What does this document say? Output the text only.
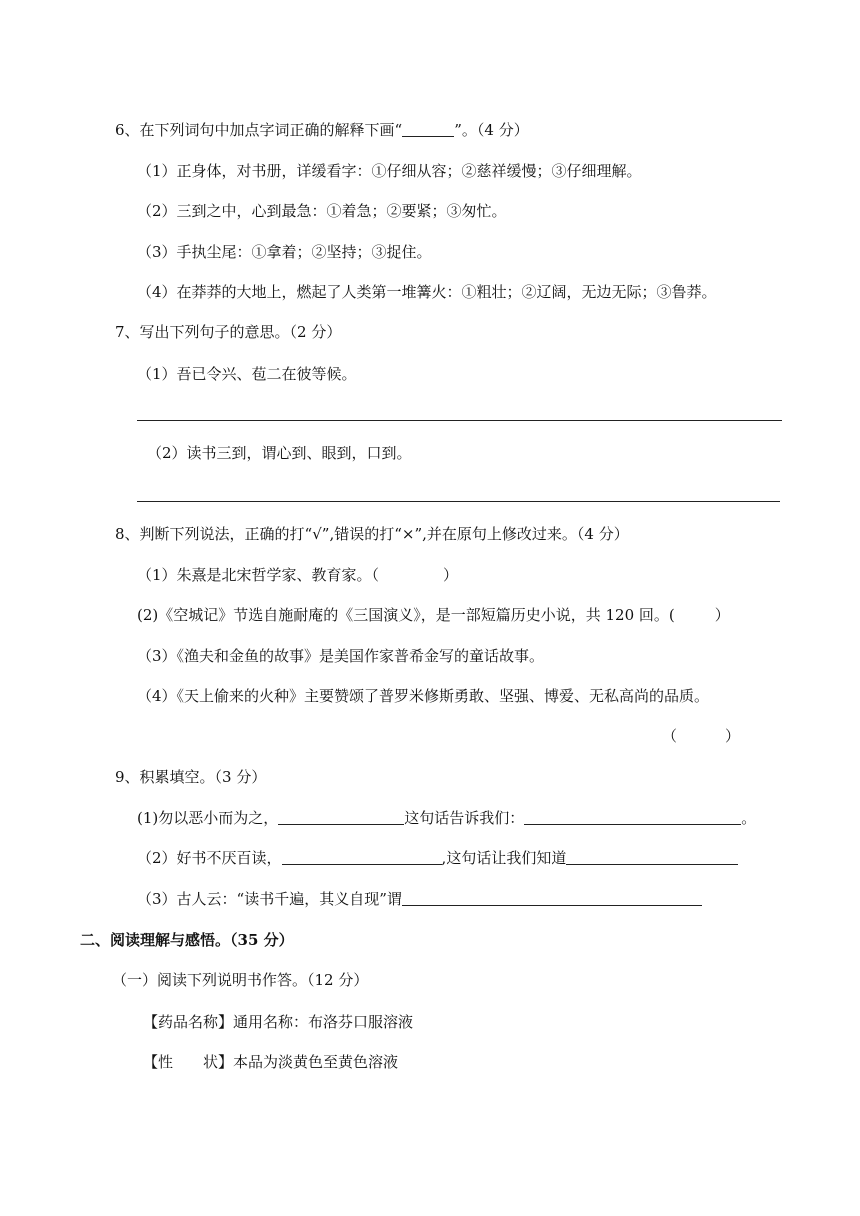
6、在下列词句中加点字词正确的解释下画“	”。（4 分）
（1）正身体，对书册，详缓看字：①仔细从容；②慈祥缓慢；③仔细理解。
（2）三到之中，心到最急：①着急；②要紧；③匆忙。
（3）手执尘尾：①拿着；②坚持；③捉住。
（4）在莽莽的大地上，燃起了人类第一堆篝火：①粗壮；②辽阔，无边无际；③鲁莽。
7、写出下列句子的意思。（2 分）
（1）吾已令兴、苞二在彼等候。
（2）读书三到，谓心到、眼到，口到。
8、判断下列说法，正确的打“√”,错误的打“×”,并在原句上修改过来。（4 分）
（1）朱熹是北宋哲学家、教育家。（	）
(2)《空城记》节选自施耐庵的《三国演义》，是一部短篇历史小说，共 120 回。(	）
（3）《渔夫和金鱼的故事》是美国作家普希金写的童话故事。
（4）《天上偷来的火种》主要赞颂了普罗米修斯勇敢、坚强、博爱、无私高尚的品质。
（	）
9、积累填空。（3 分）
(1)勿以恶小而为之，	这句话告诉我们：	。
（2）好书不厌百读，	,这句话让我们知道
（3）古人云：“读书千遍，其义自现”谓
二、阅读理解与感悟。（35 分）
（一）阅读下列说明书作答。（12 分）
【药品名称】通用名称：布洛芬口服溶液
【性　　状】本品为淡黄色至黄色溶液
